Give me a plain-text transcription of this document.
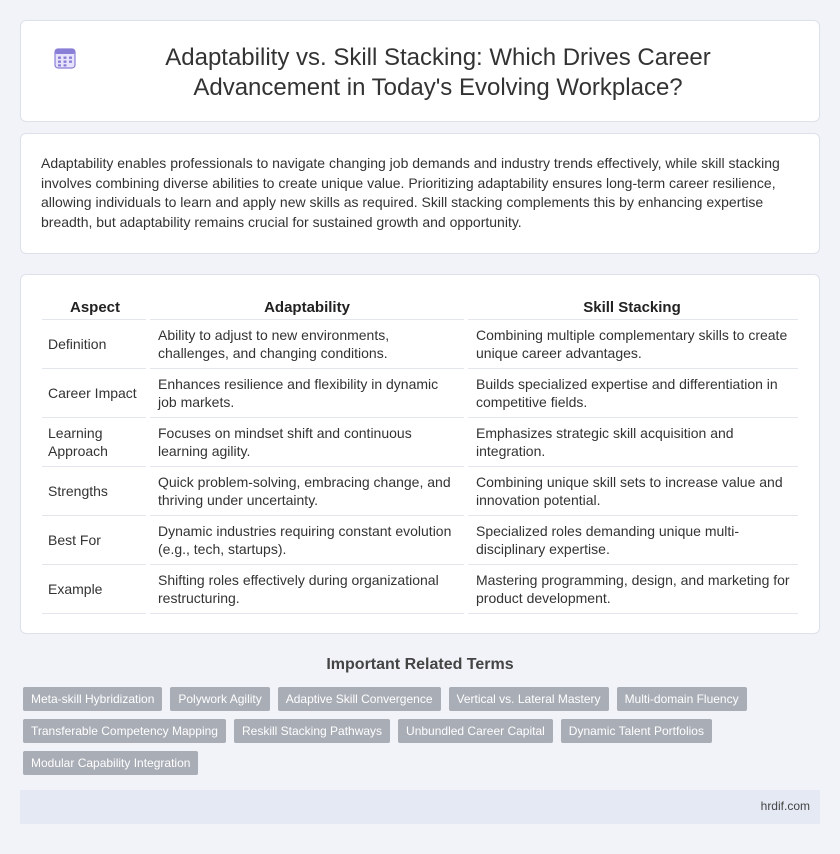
Adaptability vs. Skill Stacking: Which Drives Career Advancement in Today's Evolving Workplace?

Adaptability enables professionals to navigate changing job demands and industry trends effectively, while skill stacking involves combining diverse abilities to create unique value. Prioritizing adaptability ensures long-term career resilience, allowing individuals to learn and apply new skills as required. Skill stacking complements this by enhancing expertise breadth, but adaptability remains crucial for sustained growth and opportunity.

Aspect	Adaptability	Skill Stacking
Definition	Ability to adjust to new environments, challenges, and changing conditions.	Combining multiple complementary skills to create unique career advantages.
Career Impact	Enhances resilience and flexibility in dynamic job markets.	Builds specialized expertise and differentiation in competitive fields.
Learning Approach	Focuses on mindset shift and continuous learning agility.	Emphasizes strategic skill acquisition and integration.
Strengths	Quick problem-solving, embracing change, and thriving under uncertainty.	Combining unique skill sets to increase value and innovation potential.
Best For	Dynamic industries requiring constant evolution (e.g., tech, startups).	Specialized roles demanding unique multi-disciplinary expertise.
Example	Shifting roles effectively during organizational restructuring.	Mastering programming, design, and marketing for product development.
Important Related Terms
Meta-skill Hybridization	Polywork Agility	Adaptive Skill Convergence	Vertical vs. Lateral Mastery	Multi-domain Fluency
Transferable Competency Mapping	Reskill Stacking Pathways	Unbundled Career Capital	Dynamic Talent Portfolios
Modular Capability Integration
hrdif.com
